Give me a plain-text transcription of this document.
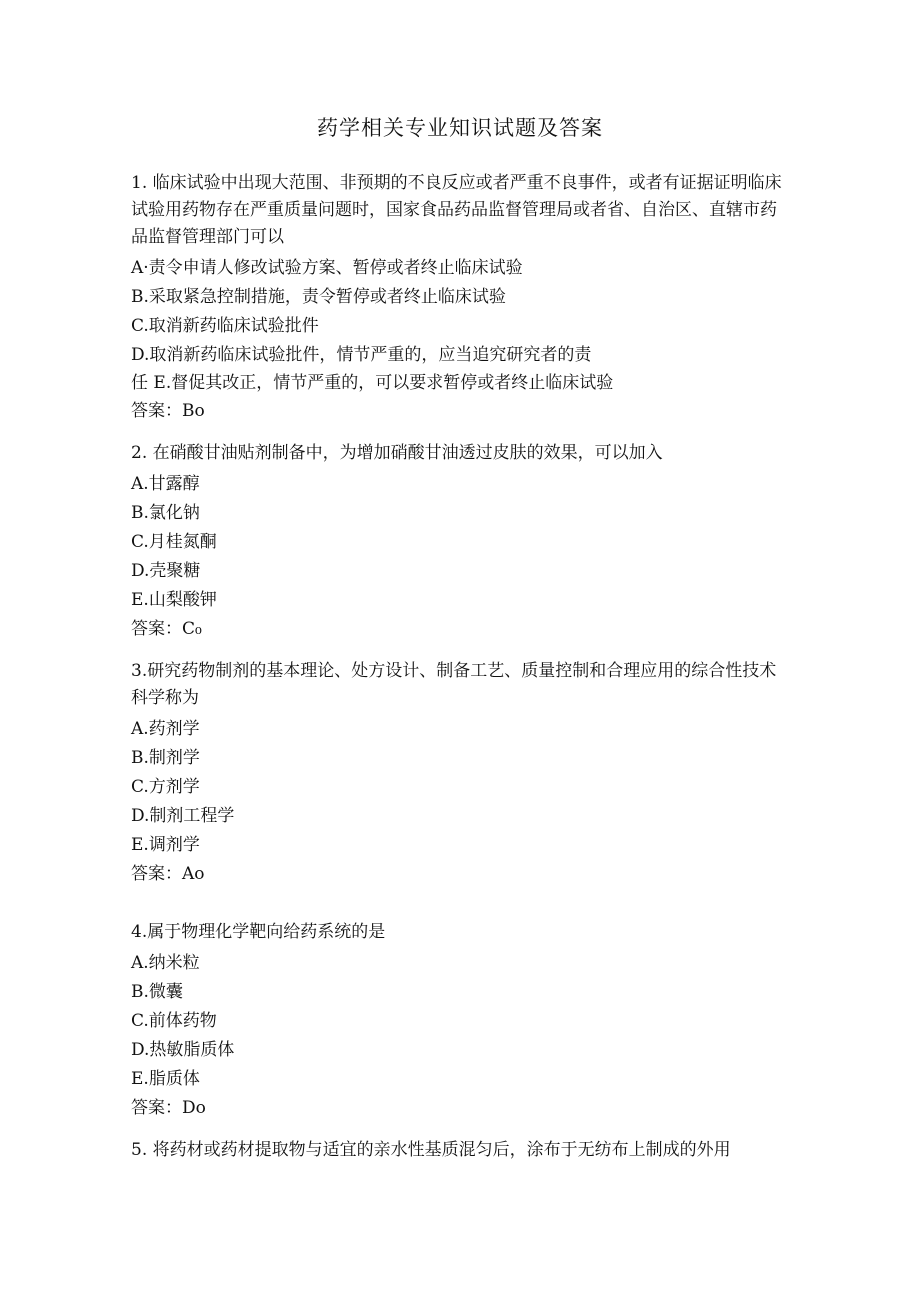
药学相关专业知识试题及答案

1. 临床试验中出现大范围、非预期的不良反应或者严重不良事件，或者有证据证明临床试验用药物存在严重质量问题时，国家食品药品监督管理局或者省、自治区、直辖市药品监督管理部门可以

A·责令申请人修改试验方案、暂停或者终止临床试验

B.采取紧急控制措施，责令暂停或者终止临床试验

C.取消新药临床试验批件

D.取消新药临床试验批件，情节严重的，应当追究研究者的责

任 E.督促其改正，情节严重的，可以要求暂停或者终止临床试验

答案：Bo

2. 在硝酸甘油贴剂制备中，为增加硝酸甘油透过皮肤的效果，可以加入

A.甘露醇

B.氯化钠

C.月桂氮酮

D.壳聚糖

E.山梨酸钾

答案：C₀

3.研究药物制剂的基本理论、处方设计、制备工艺、质量控制和合理应用的综合性技术科学称为

A.药剂学

B.制剂学

C.方剂学

D.制剂工程学

E.调剂学

答案：Ao

4.属于物理化学靶向给药系统的是

A.纳米粒

B.微囊

C.前体药物

D.热敏脂质体

E.脂质体

答案：Do

5. 将药材或药材提取物与适宜的亲水性基质混匀后，涂布于无纺布上制成的外用
